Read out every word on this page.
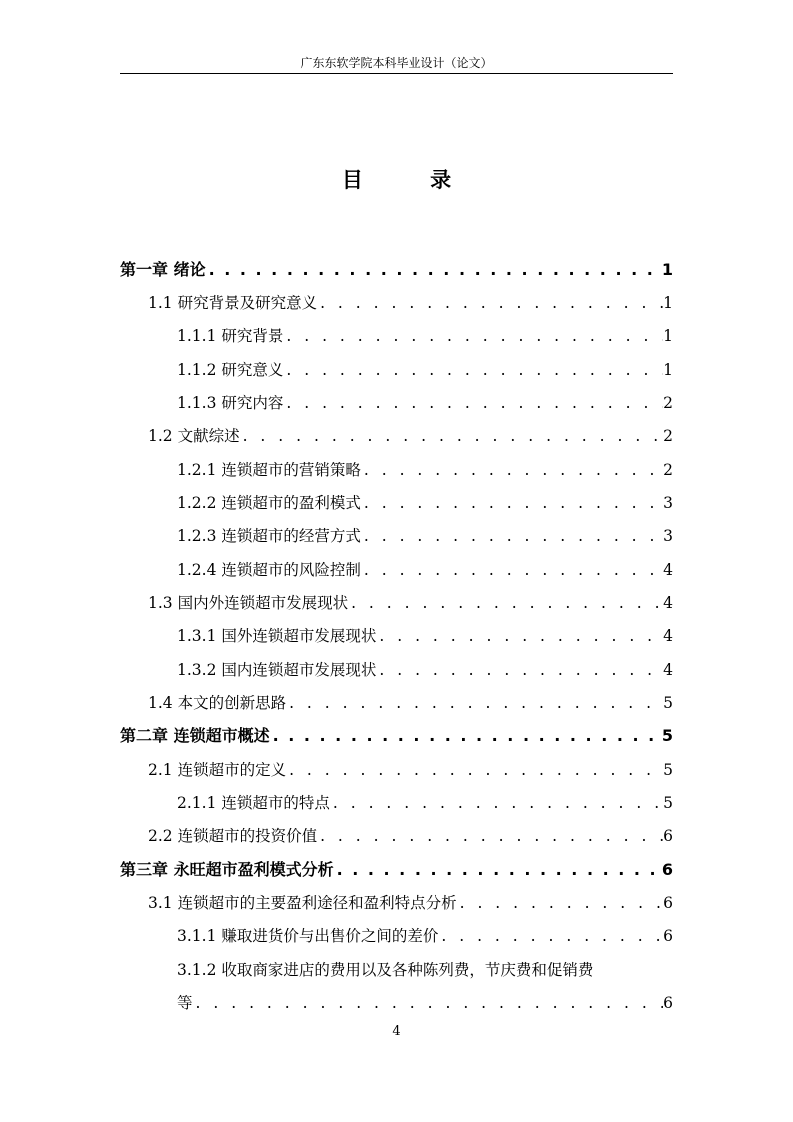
广东东软学院本科毕业设计（论文）
目 录
第一章 绪论 . . .	1
1.1 研究背景及研究意义 . . .	1
1.1.1 研究背景 . . .	1
1.1.2 研究意义 . . .	1
1.1.3 研究内容 . . .	2
1.2 文献综述 . . .	2
1.2.1 连锁超市的营销策略 . . .	2
1.2.2 连锁超市的盈利模式 . . .	3
1.2.3 连锁超市的经营方式 . . .	3
1.2.4 连锁超市的风险控制 . . .	4
1.3 国内外连锁超市发展现状 . . .	4
1.3.1 国外连锁超市发展现状 . . .	4
1.3.2 国内连锁超市发展现状 . . .	4
1.4 本文的创新思路 . . .	5
第二章 连锁超市概述 . . .	5
2.1 连锁超市的定义 . . .	5
2.1.1 连锁超市的特点 . . .	5
2.2 连锁超市的投资价值 . . .	6
第三章 永旺超市盈利模式分析 . . .	6
3.1 连锁超市的主要盈利途径和盈利特点分析 . . .	6
3.1.1 赚取进货价与出售价之间的差价 . . .	6
3.1.2 收取商家进店的费用以及各种陈列费，节庆费和促销费
等 . . .	6
4
